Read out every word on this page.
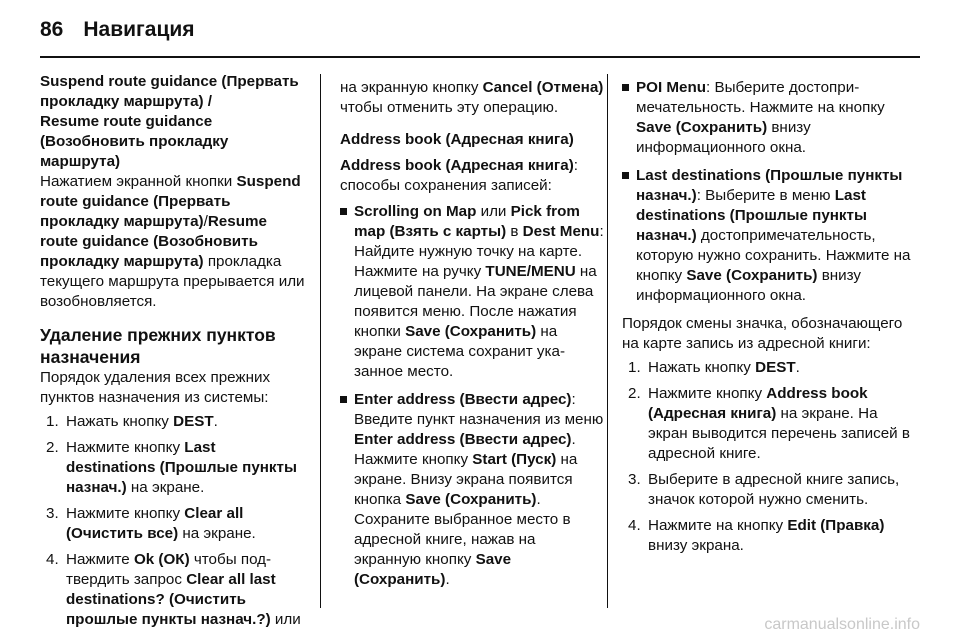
86 Навигация

Suspend route guidance (Прервать прокладку маршрута) /
Resume route guidance (Возобновить прокладку маршрута)

Нажатием экранной кнопки Suspend route guidance (Прервать прокладку маршрута)/Resume route guidance (Возобновить прокладку маршрута) прокладка текущего маршрута прерывается или возобновляется.

Удаление прежних пунктов назначения

Порядок удаления всех прежних пунктов назначения из системы:

1. Нажать кнопку DEST.
2. Нажмите кнопку Last destinations (Прошлые пункты назнач.) на экране.
3. Нажмите кнопку Clear all (Очистить все) на экране.
4. Нажмите Ok (ОК) чтобы подтвердить запрос Clear all last destinations? (Очистить прошлые пункты назнач.?) или

на экранную кнопку Cancel (Отмена) чтобы отменить эту операцию.

Address book (Адресная книга)

Address book (Адресная книга): способы сохранения записей:

Scrolling on Map или Pick from map (Взять с карты) в Dest Menu: Найдите нужную точку на карте. Нажмите на ручку TUNE/MENU на лицевой панели. На экране слева появится меню. После нажатия кнопки Save (Сохранить) на экране система сохранит указанное место.
Enter address (Ввести адрес): Введите пункт назначения из меню Enter address (Ввести адрес). Нажмите кнопку Start (Пуск) на экране. Внизу экрана появится кнопка Save (Сохранить). Сохраните выбранное место в адресной книге, нажав на экранную кнопку Save (Сохранить).
POI Menu: Выберите достопримечательность. Нажмите на кнопку Save (Сохранить) внизу информационного окна.
Last destinations (Прошлые пункты назнач.): Выберите в меню Last destinations (Прошлые пункты назнач.) достопримечательность, которую нужно сохранить. Нажмите на кнопку Save (Сохранить) внизу информационного окна.

Порядок смены значка, обозначающего на карте запись из адресной книги:

1. Нажать кнопку DEST.
2. Нажмите кнопку Address book (Адресная книга) на экране. На экран выводится перечень записей в адресной книге.
3. Выберите в адресной книге запись, значок которой нужно сменить.
4. Нажмите на кнопку Edit (Правка) внизу экрана.
carmanualsonline.info
